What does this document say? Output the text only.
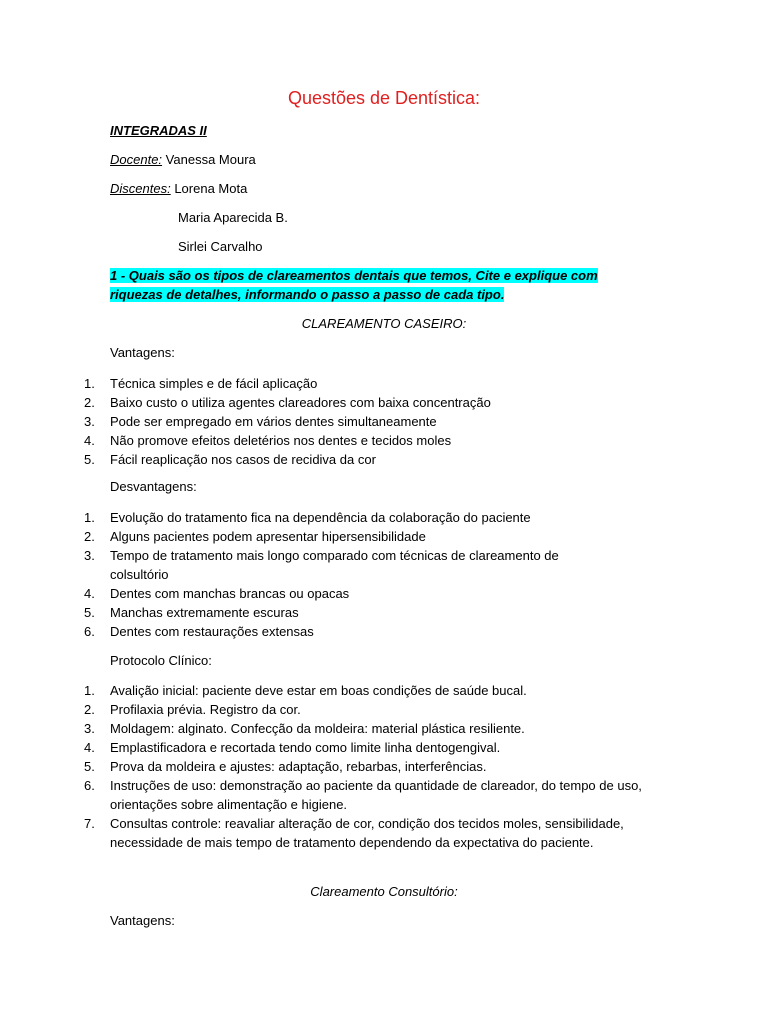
Questões de Dentística:
INTEGRADAS II
Docente: Vanessa Moura
Discentes: Lorena Mota
Maria Aparecida B.
Sirlei Carvalho
1 - Quais são os tipos de clareamentos dentais que temos, Cite e explique com
riquezas de detalhes, informando o passo a passo de cada tipo.
CLAREAMENTO CASEIRO:
Vantagens:
1. Técnica simples e de fácil aplicação
2. Baixo custo o utiliza agentes clareadores com baixa concentração
3. Pode ser empregado em vários dentes simultaneamente
4. Não promove efeitos deletérios nos dentes e tecidos moles
5. Fácil reaplicação nos casos de recidiva da cor
Desvantagens:
1. Evolução do tratamento fica na dependência da colaboração do paciente
2. Alguns pacientes podem apresentar hipersensibilidade
3. Tempo de tratamento mais longo comparado com técnicas de clareamento de colsultório
4. Dentes com manchas brancas ou opacas
5. Manchas extremamente escuras
6. Dentes com restaurações extensas
Protocolo Clínico:
1. Avalição inicial: paciente deve estar em boas condições de saúde bucal.
2. Profilaxia prévia. Registro da cor.
3. Moldagem: alginato. Confecção da moldeira: material plástica resiliente.
4. Emplastificadora e recortada tendo como limite linha dentogengival.
5. Prova da moldeira e ajustes: adaptação, rebarbas, interferências.
6. Instruções de uso: demonstração ao paciente da quantidade de clareador, do tempo de uso, orientações sobre alimentação e higiene.
7. Consultas controle: reavaliar alteração de cor, condição dos tecidos moles, sensibilidade, necessidade de mais tempo de tratamento dependendo da expectativa do paciente.
Clareamento Consultório:
Vantagens:
